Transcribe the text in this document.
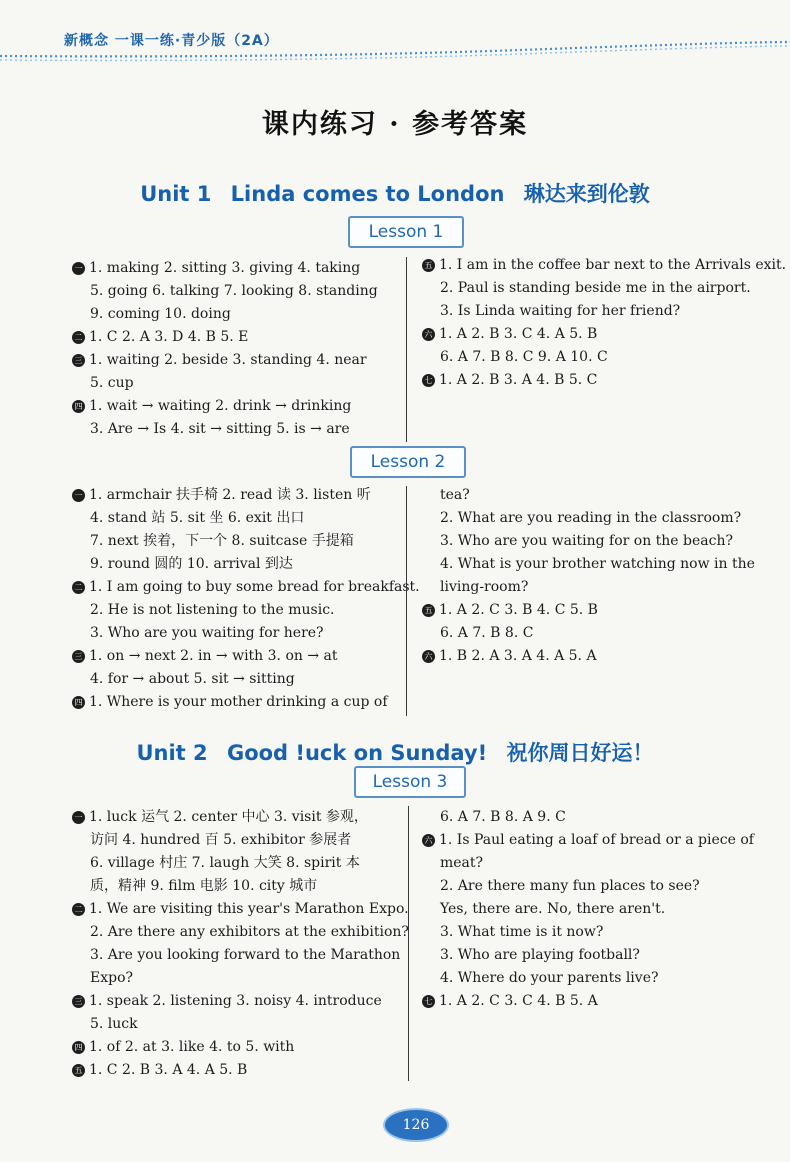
新概念 一课一练·青少版（2A）
课内练习 · 参考答案
Unit 1 Linda comes to London 琳达来到伦敦
Lesson 1
一 1. making 2. sitting 3. giving 4. taking
5. going 6. talking 7. looking 8. standing
9. coming 10. doing
二 1. C 2. A 3. D 4. B 5. E
三 1. waiting 2. beside 3. standing 4. near
5. cup
四 1. wait → waiting 2. drink → drinking
3. Are → Is 4. sit → sitting 5. is → are
五 1. I am in the coffee bar next to the Arrivals exit.
2. Paul is standing beside me in the airport.
3. Is Linda waiting for her friend?
六 1. A 2. B 3. C 4. A 5. B
6. A 7. B 8. C 9. A 10. C
七 1. A 2. B 3. A 4. B 5. C
Lesson 2
一 1. armchair 扶手椅 2. read 读 3. listen 听
4. stand 站 5. sit 坐 6. exit 出口
7. next 挨着，下一个 8. suitcase 手提箱
9. round 圆的 10. arrival 到达
二 1. I am going to buy some bread for breakfast.
2. He is not listening to the music.
3. Who are you waiting for here?
三 1. on → next 2. in → with 3. on → at
4. for → about 5. sit → sitting
四 1. Where is your mother drinking a cup of
tea?
2. What are you reading in the classroom?
3. Who are you waiting for on the beach?
4. What is your brother watching now in the
living-room?
五 1. A 2. C 3. B 4. C 5. B
6. A 7. B 8. C
六 1. B 2. A 3. A 4. A 5. A
Unit 2 Good !uck on Sunday! 祝你周日好运！
Lesson 3
一 1. luck 运气 2. center 中心 3. visit 参观，
访问 4. hundred 百 5. exhibitor 参展者
6. village 村庄 7. laugh 大笑 8. spirit 本
质，精神 9. film 电影 10. city 城市
二 1. We are visiting this year's Marathon Expo.
2. Are there any exhibitors at the exhibition?
3. Are you looking forward to the Marathon
Expo?
三 1. speak 2. listening 3. noisy 4. introduce
5. luck
四 1. of 2. at 3. like 4. to 5. with
五 1. C 2. B 3. A 4. A 5. B
6. A 7. B 8. A 9. C
六 1. Is Paul eating a loaf of bread or a piece of
meat?
2. Are there many fun places to see?
Yes, there are. No, there aren't.
3. What time is it now?
3. Who are playing football?
4. Where do your parents live?
七 1. A 2. C 3. C 4. B 5. A
126
